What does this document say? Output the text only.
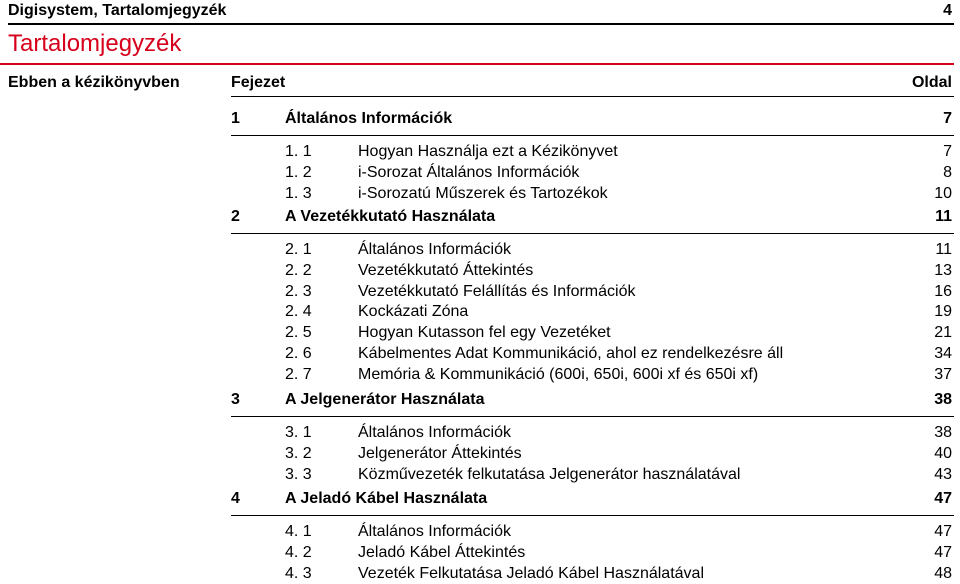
Digisystem, Tartalomjegyzék	4
Tartalomjegyzék
Ebben a kézikönyvben	Fejezet	Oldal
1	Általános Információk	7
1. 1	Hogyan Használja ezt a Kézikönyvet	7
1. 2	i-Sorozat Általános Információk	8
1. 3	i-Sorozatú Műszerek és Tartozékok	10
2	A Vezetékkutató Használata	11
2. 1	Általános Információk	11
2. 2	Vezetékkutató Áttekintés	13
2. 3	Vezetékkutató Felállítás és Információk	16
2. 4	Kockázati Zóna	19
2. 5	Hogyan Kutasson fel egy Vezetéket	21
2. 6	Kábelmentes Adat Kommunikáció, ahol ez rendelkezésre áll	34
2. 7	Memória & Kommunikáció (600i, 650i, 600i xf és 650i xf)	37
3	A Jelgenerátor Használata	38
3. 1	Általános Információk	38
3. 2	Jelgenerátor Áttekintés	40
3. 3	Közművezeték felkutatása Jelgenerátor használatával	43
4	A Jeladó Kábel Használata	47
4. 1	Általános Információk	47
4. 2	Jeladó Kábel Áttekintés	47
4. 3	Vezeték Felkutatása Jeladó Kábel Használatával	48
